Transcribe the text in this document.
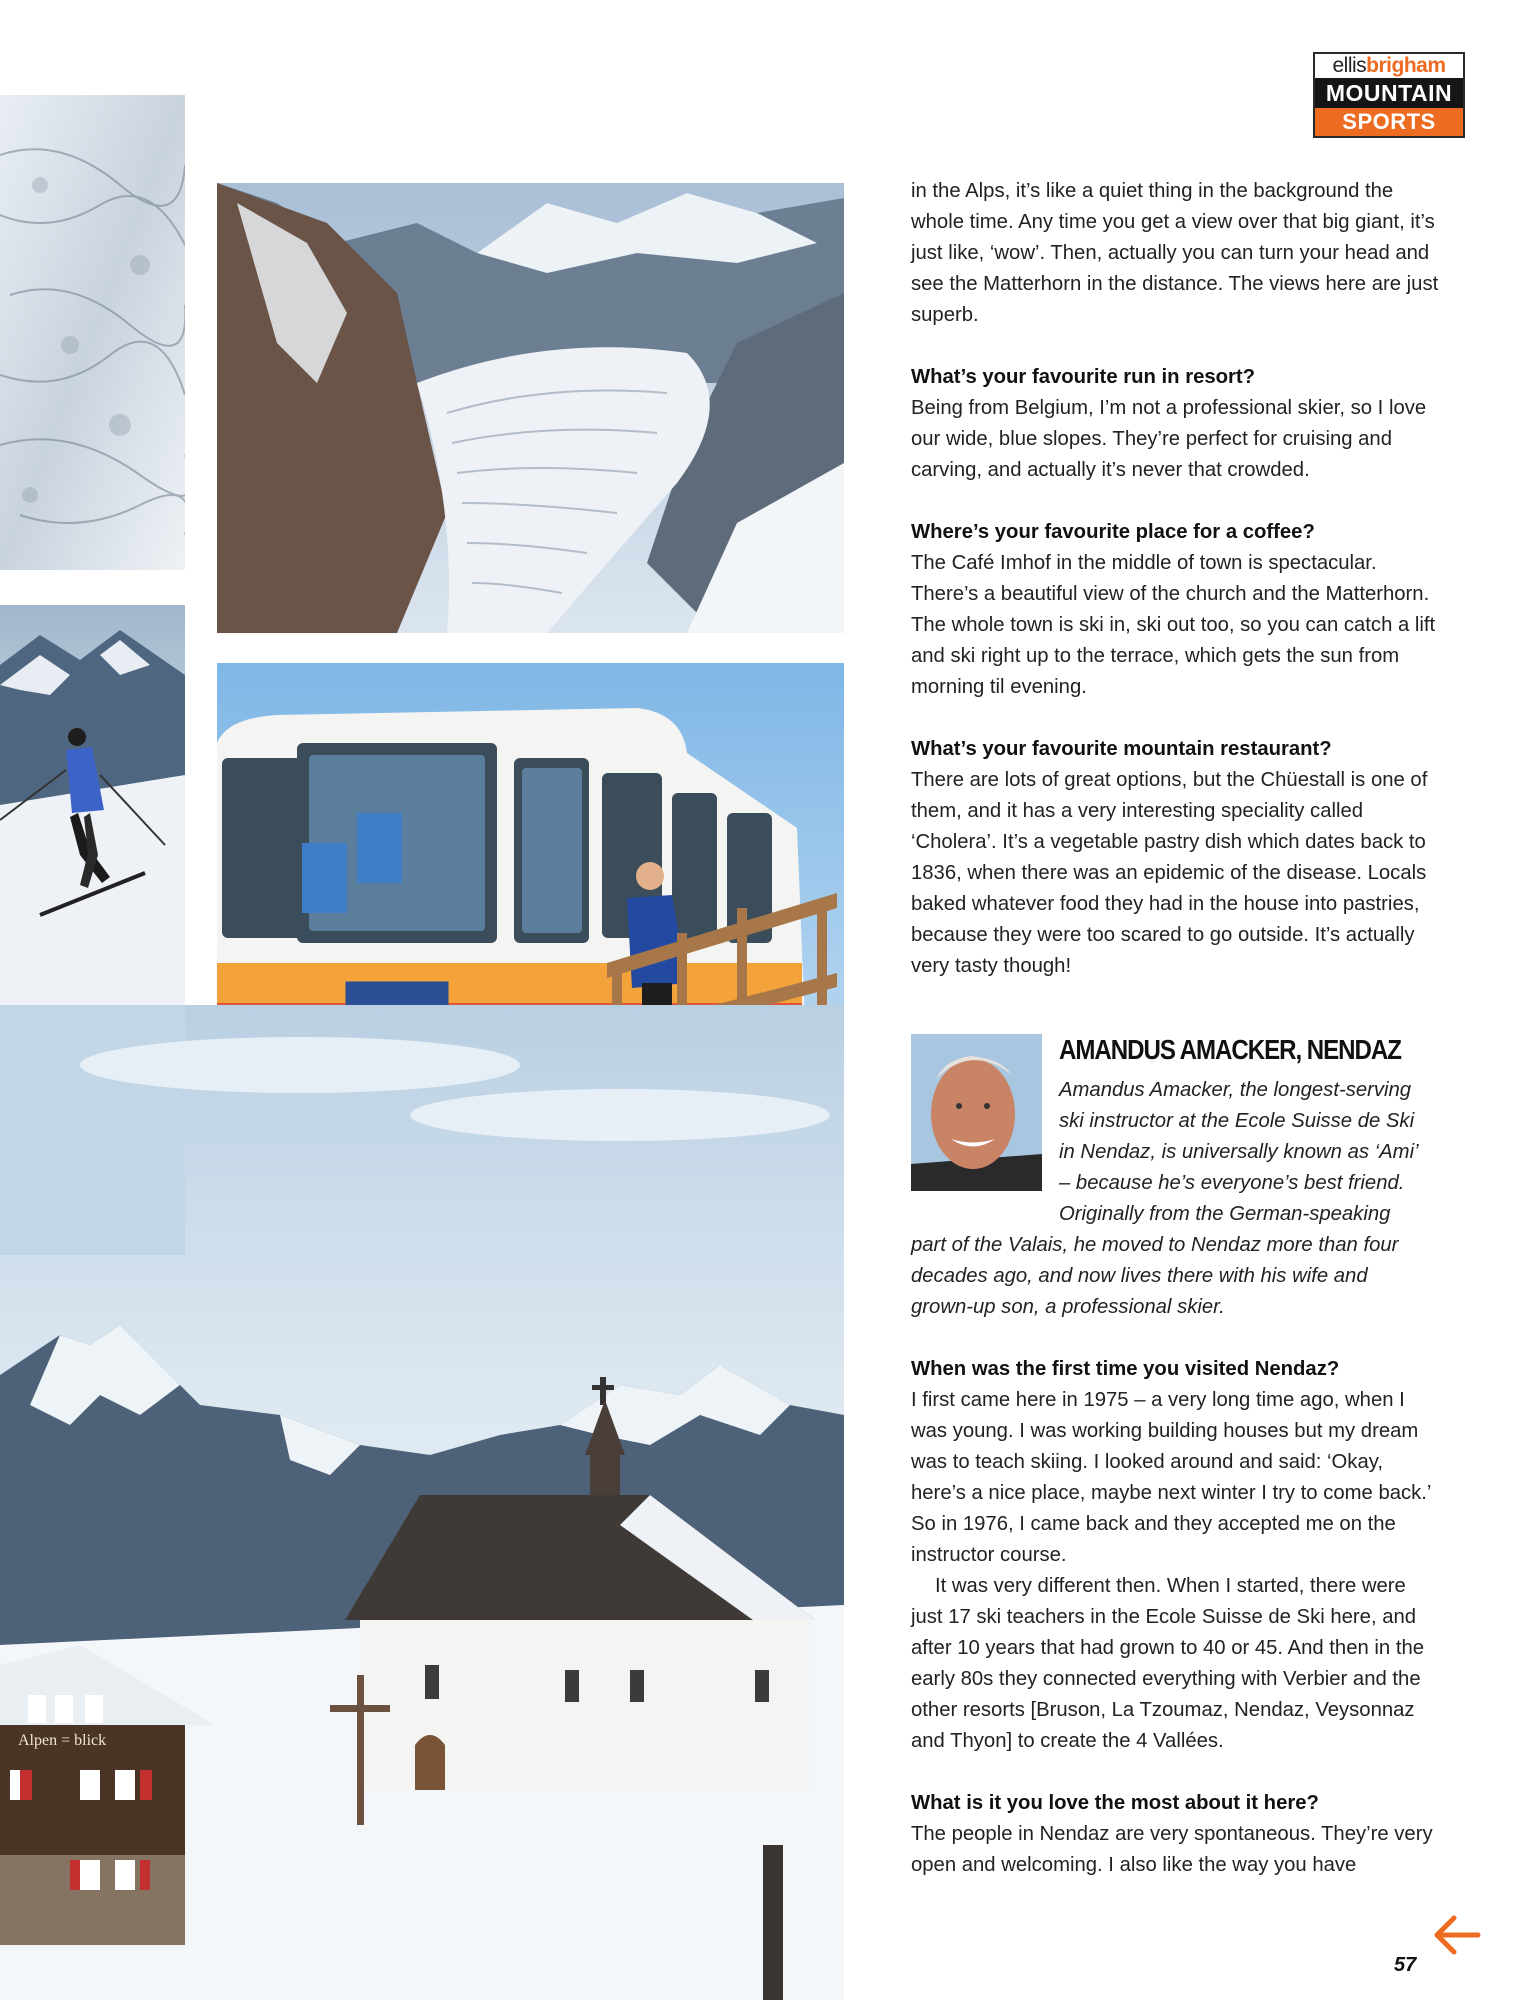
Alpen = blick
ellisbrigham
MOUNTAIN
SPORTS

in the Alps, it’s like a quiet thing in the background the whole time. Any time you get a view over that big giant, it’s just like, ‘wow’. Then, actually you can turn your head and see the Matterhorn in the distance. The views here are just superb.

What’s your favourite run in resort?

Being from Belgium, I’m not a professional skier, so I love our wide, blue slopes. They’re perfect for cruising and carving, and actually it’s never that crowded.

Where’s your favourite place for a coffee?

The Café Imhof in the middle of town is spectacular. There’s a beautiful view of the church and the Matterhorn. The whole town is ski in, ski out too, so you can catch a lift and ski right up to the terrace, which gets the sun from morning til evening.

What’s your favourite mountain restaurant?

There are lots of great options, but the Chüestall is one of them, and it has a very interesting speciality called ‘Cholera’. It’s a vegetable pastry dish which dates back to 1836, when there was an epidemic of the disease. Locals baked whatever food they had in the house into pastries, because they were too scared to go outside. It’s actually very tasty though!

AMANDUS AMACKER, NENDAZ
Amandus Amacker, the longest-serving
ski instructor at the Ecole Suisse de Ski
in Nendaz, is universally known as ‘Ami’
– because he’s everyone’s best friend.
Originally from the German-speaking
part of the Valais, he moved to Nendaz more than four
decades ago, and now lives there with his wife and
grown-up son, a professional skier.

When was the first time you visited Nendaz?

I first came here in 1975 – a very long time ago, when I was young. I was working building houses but my dream was to teach skiing. I looked around and said: ‘Okay, here’s a nice place, maybe next winter I try to come back.’ So in 1976, I came back and they accepted me on the instructor course.

It was very different then. When I started, there were just 17 ski teachers in the Ecole Suisse de Ski here, and after 10 years that had grown to 40 or 45. And then in the early 80s they connected everything with Verbier and the other resorts [Bruson, La Tzoumaz, Nendaz, Veysonnaz and Thyon] to create the 4 Vallées.

What is it you love the most about it here?

The people in Nendaz are very spontaneous. They’re very open and welcoming. I also like the way you have

57
